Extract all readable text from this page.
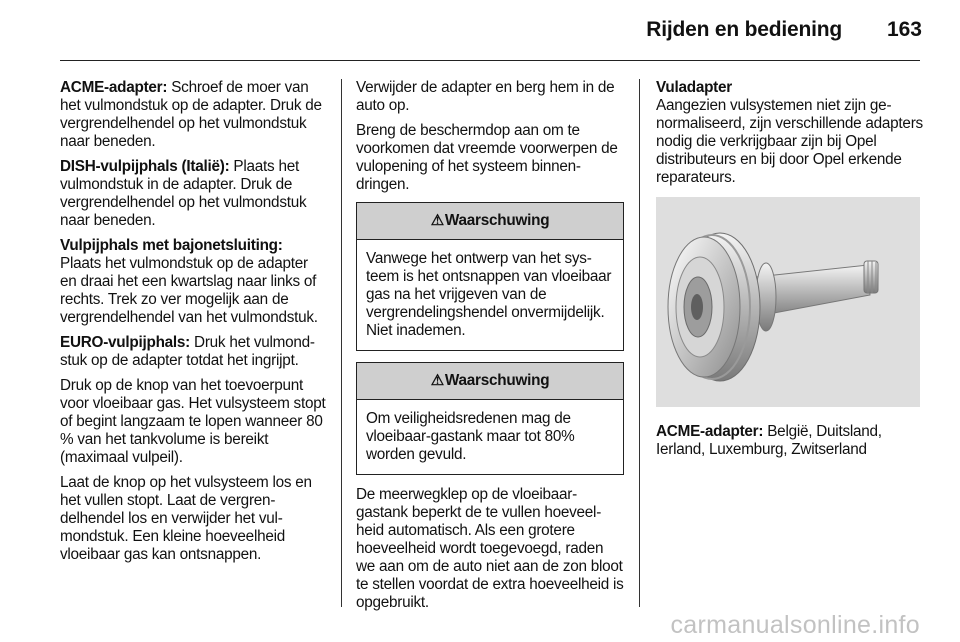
Rijden en bediening 163

ACME-adapter: Schroef de moer van het vulmondstuk op de adapter. Druk de vergrendelhendel op het vulmondstuk naar beneden.

DISH-vulpijphals (Italië): Plaats het vulmondstuk in de adapter. Druk de vergrendelhendel op het vulmondstuk naar beneden.

Vulpijphals met bajonetsluiting:
Plaats het vulmondstuk op de adapter en draai het een kwartslag naar links of rechts. Trek zo ver mogelijk aan de vergrendelhendel van het vulmondstuk.

EURO-vulpijphals: Druk het vulmondstuk op de adapter totdat het ingrijpt.

Druk op de knop van het toevoerpunt voor vloeibaar gas. Het vulsysteem stopt of begint langzaam te lopen wanneer 80 % van het tankvolume is bereikt (maximaal vulpeil).

Laat de knop op het vulsysteem los en het vullen stopt. Laat de vergrendelhendel los en verwijder het vulmondstuk. Een kleine hoeveelheid vloeibaar gas kan ontsnappen.

Verwijder de adapter en berg hem in de auto op.

Breng de beschermdop aan om te voorkomen dat vreemde voorwerpen de vulopening of het systeem binnendringen.

⚠Waarschuwing
Vanwege het ontwerp van het systeem is het ontsnappen van vloeibaar gas na het vrijgeven van de vergrendelingshendel onvermijdelijk. Niet inademen.
⚠Waarschuwing
Om veiligheidsredenen mag de vloeibaar-gastank maar tot 80% worden gevuld.

De meerwegklep op de vloeibaar-gastank beperkt de te vullen hoeveelheid automatisch. Als een grotere hoeveelheid wordt toegevoegd, raden we aan om de auto niet aan de zon bloot te stellen voordat de extra hoeveelheid is opgebruikt.

Vuladapter

Aangezien vulsystemen niet zijn genormaliseerd, zijn verschillende adapters nodig die verkrijgbaar zijn bij Opel distributeurs en bij door Opel erkende reparateurs.

ACME-adapter: België, Duitsland, Ierland, Luxemburg, Zwitserland

carmanualsonline.info
